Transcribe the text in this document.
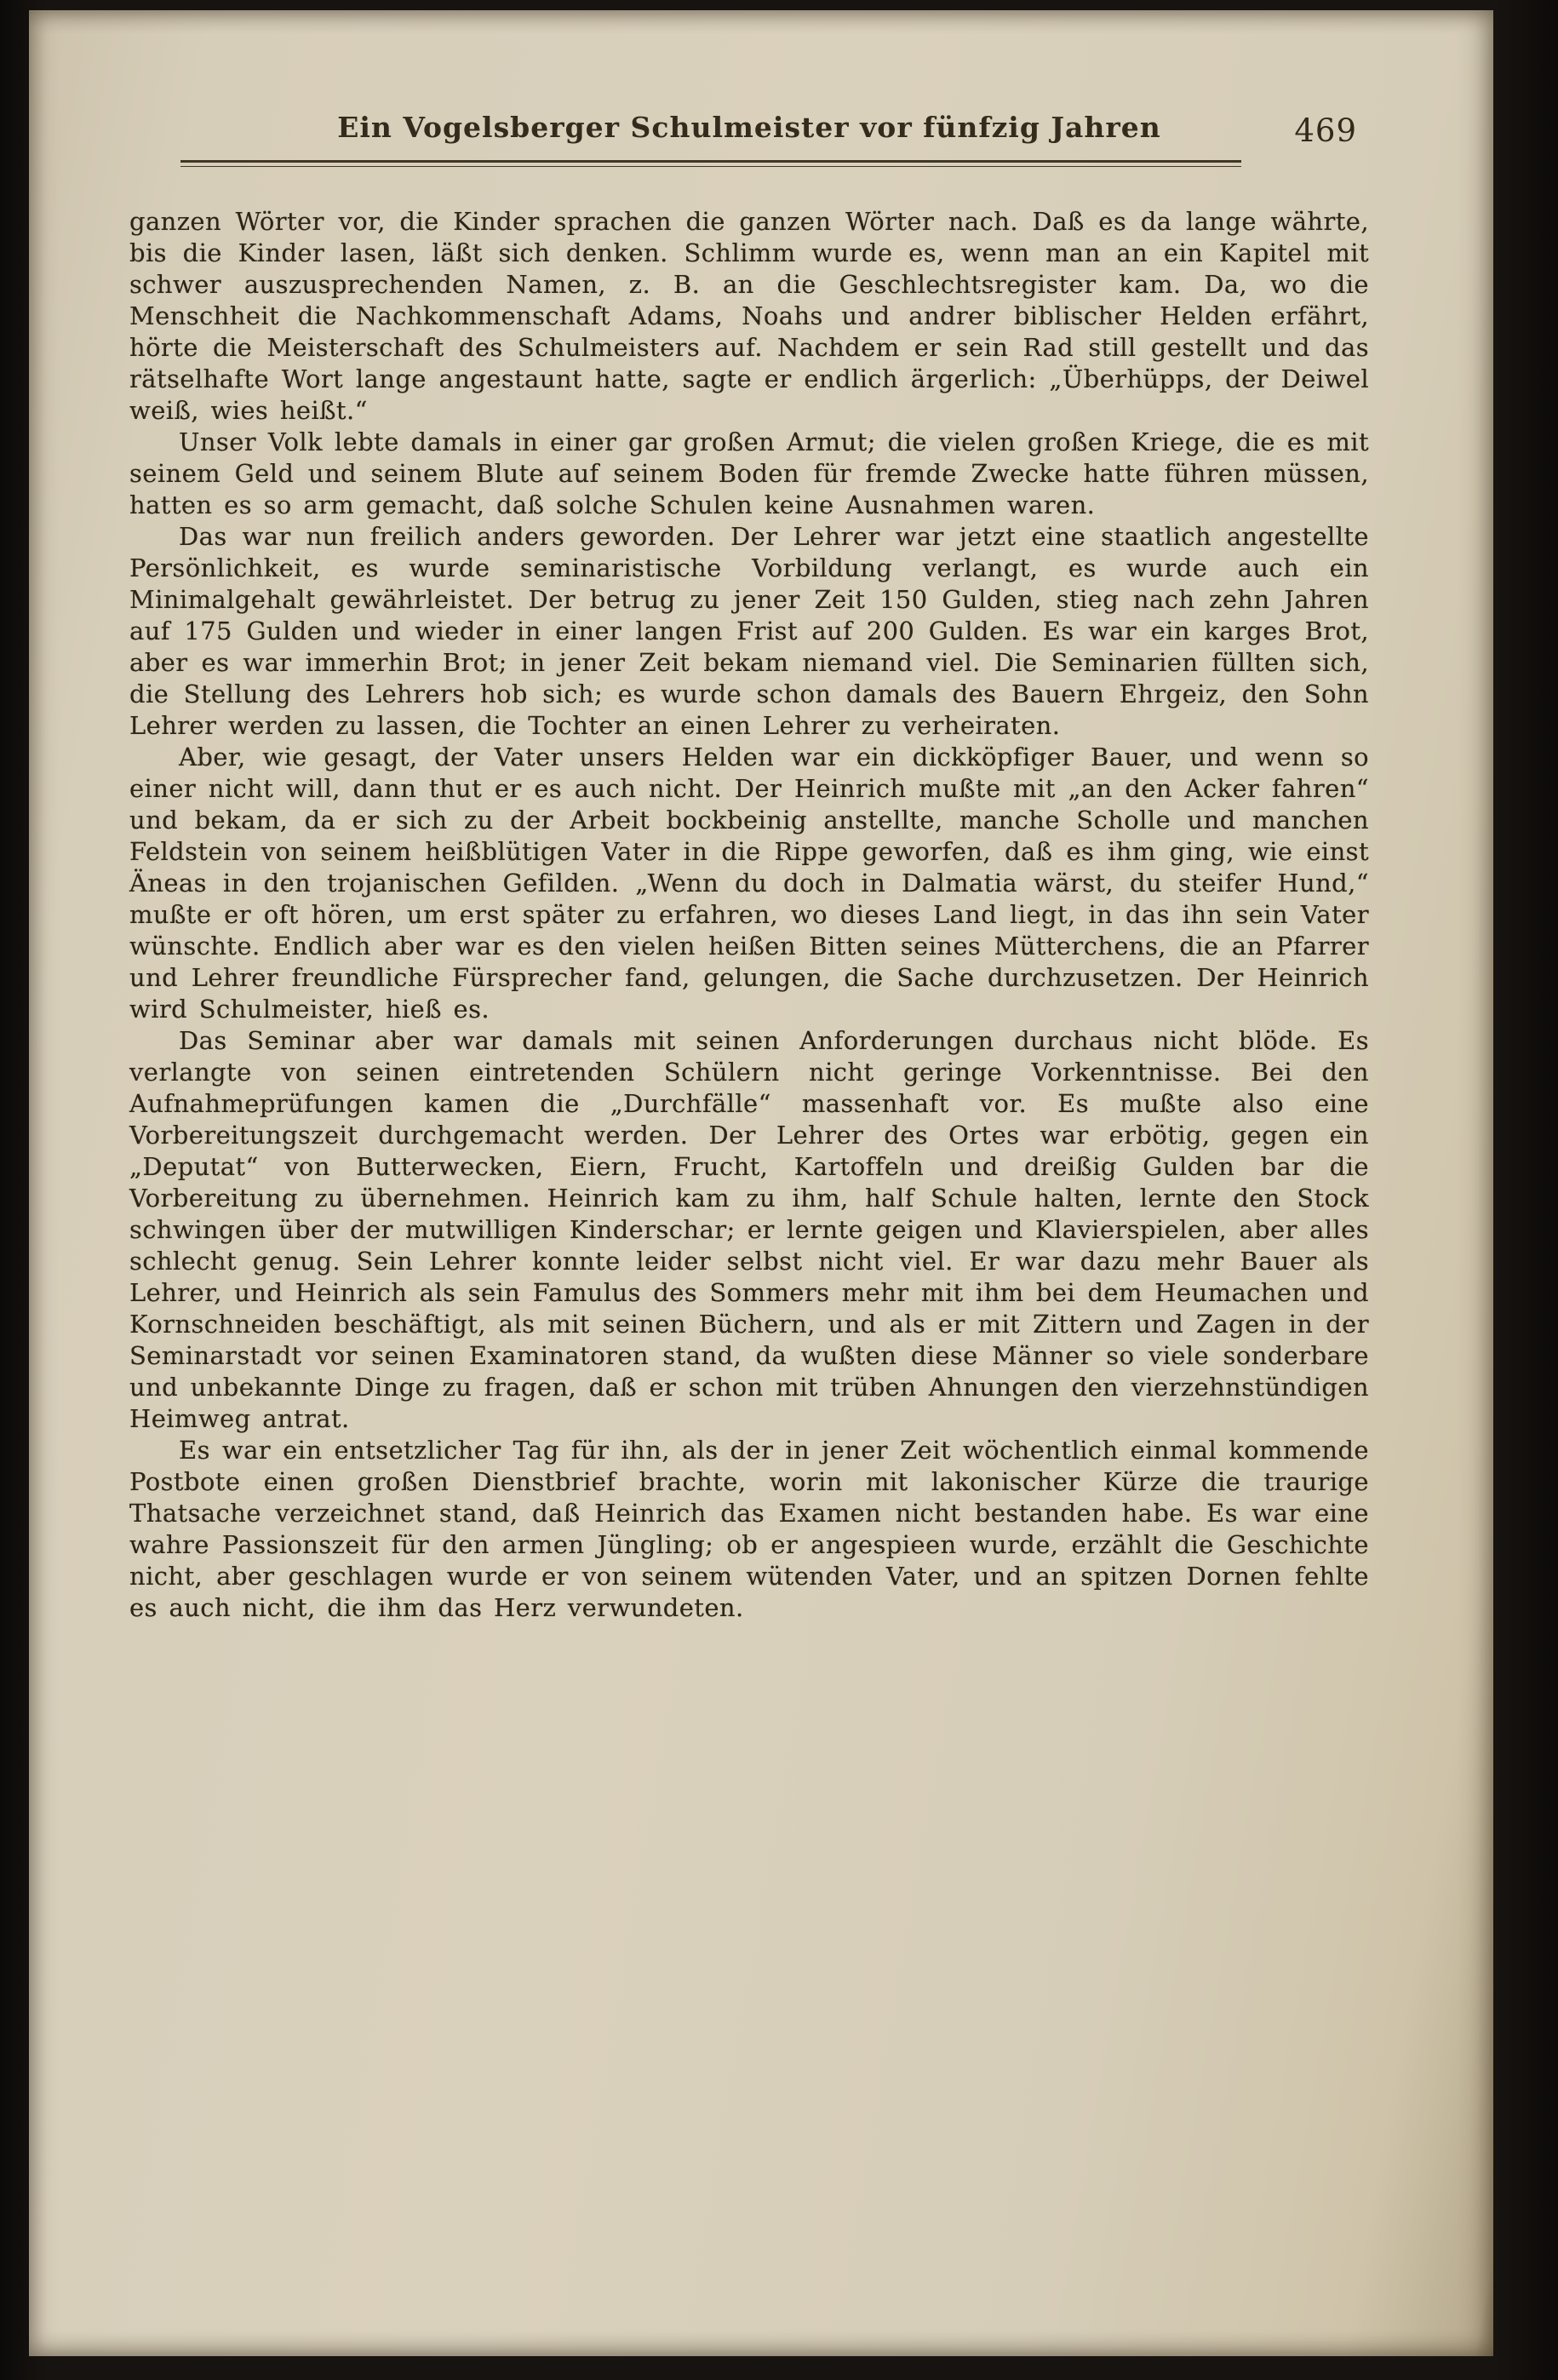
Ein Vogelsberger Schulmeister vor fünfzig Jahren	469

ganzen Wörter vor, die Kinder sprachen die ganzen Wörter nach. Daß es da lange währte, bis die Kinder lasen, läßt sich denken. Schlimm wurde es, wenn man an ein Kapitel mit schwer auszusprechenden Namen, z. B. an die Geschlechtsregister kam. Da, wo die Menschheit die Nachkommenschaft Adams, Noahs und andrer biblischer Helden erfährt, hörte die Meisterschaft des Schulmeisters auf. Nachdem er sein Rad still gestellt und das rätselhafte Wort lange angestaunt hatte, sagte er endlich ärgerlich: „Überhüpps, der Deiwel weiß, wies heißt.“

Unser Volk lebte damals in einer gar großen Armut; die vielen großen Kriege, die es mit seinem Geld und seinem Blute auf seinem Boden für fremde Zwecke hatte führen müssen, hatten es so arm gemacht, daß solche Schulen keine Ausnahmen waren.

Das war nun freilich anders geworden. Der Lehrer war jetzt eine staatlich angestellte Persönlichkeit, es wurde seminaristische Vorbildung verlangt, es wurde auch ein Minimalgehalt gewährleistet. Der betrug zu jener Zeit 150 Gulden, stieg nach zehn Jahren auf 175 Gulden und wieder in einer langen Frist auf 200 Gulden. Es war ein karges Brot, aber es war immerhin Brot; in jener Zeit bekam niemand viel. Die Seminarien füllten sich, die Stellung des Lehrers hob sich; es wurde schon damals des Bauern Ehrgeiz, den Sohn Lehrer werden zu lassen, die Tochter an einen Lehrer zu verheiraten.

Aber, wie gesagt, der Vater unsers Helden war ein dickköpfiger Bauer, und wenn so einer nicht will, dann thut er es auch nicht. Der Heinrich mußte mit „an den Acker fahren“ und bekam, da er sich zu der Arbeit bockbeinig anstellte, manche Scholle und manchen Feldstein von seinem heißblütigen Vater in die Rippe geworfen, daß es ihm ging, wie einst Äneas in den trojanischen Gefilden. „Wenn du doch in Dalmatia wärst, du steifer Hund,“ mußte er oft hören, um erst später zu erfahren, wo dieses Land liegt, in das ihn sein Vater wünschte. Endlich aber war es den vielen heißen Bitten seines Mütterchens, die an Pfarrer und Lehrer freundliche Fürsprecher fand, gelungen, die Sache durchzusetzen. Der Heinrich wird Schulmeister, hieß es.

Das Seminar aber war damals mit seinen Anforderungen durchaus nicht blöde. Es verlangte von seinen eintretenden Schülern nicht geringe Vorkenntnisse. Bei den Aufnahmeprüfungen kamen die „Durchfälle“ massenhaft vor. Es mußte also eine Vorbereitungszeit durchgemacht werden. Der Lehrer des Ortes war erbötig, gegen ein „Deputat“ von Butterwecken, Eiern, Frucht, Kartoffeln und dreißig Gulden bar die Vorbereitung zu übernehmen. Heinrich kam zu ihm, half Schule halten, lernte den Stock schwingen über der mutwilligen Kinderschar; er lernte geigen und Klavierspielen, aber alles schlecht genug. Sein Lehrer konnte leider selbst nicht viel. Er war dazu mehr Bauer als Lehrer, und Heinrich als sein Famulus des Sommers mehr mit ihm bei dem Heumachen und Kornschneiden beschäftigt, als mit seinen Büchern, und als er mit Zittern und Zagen in der Seminarstadt vor seinen Examinatoren stand, da wußten diese Männer so viele sonderbare und unbekannte Dinge zu fragen, daß er schon mit trüben Ahnungen den vierzehnstündigen Heimweg antrat.

Es war ein entsetzlicher Tag für ihn, als der in jener Zeit wöchentlich einmal kommende Postbote einen großen Dienstbrief brachte, worin mit lakonischer Kürze die traurige Thatsache verzeichnet stand, daß Heinrich das Examen nicht bestanden habe. Es war eine wahre Passionszeit für den armen Jüngling; ob er angespieen wurde, erzählt die Geschichte nicht, aber geschlagen wurde er von seinem wütenden Vater, und an spitzen Dornen fehlte es auch nicht, die ihm das Herz verwundeten.
